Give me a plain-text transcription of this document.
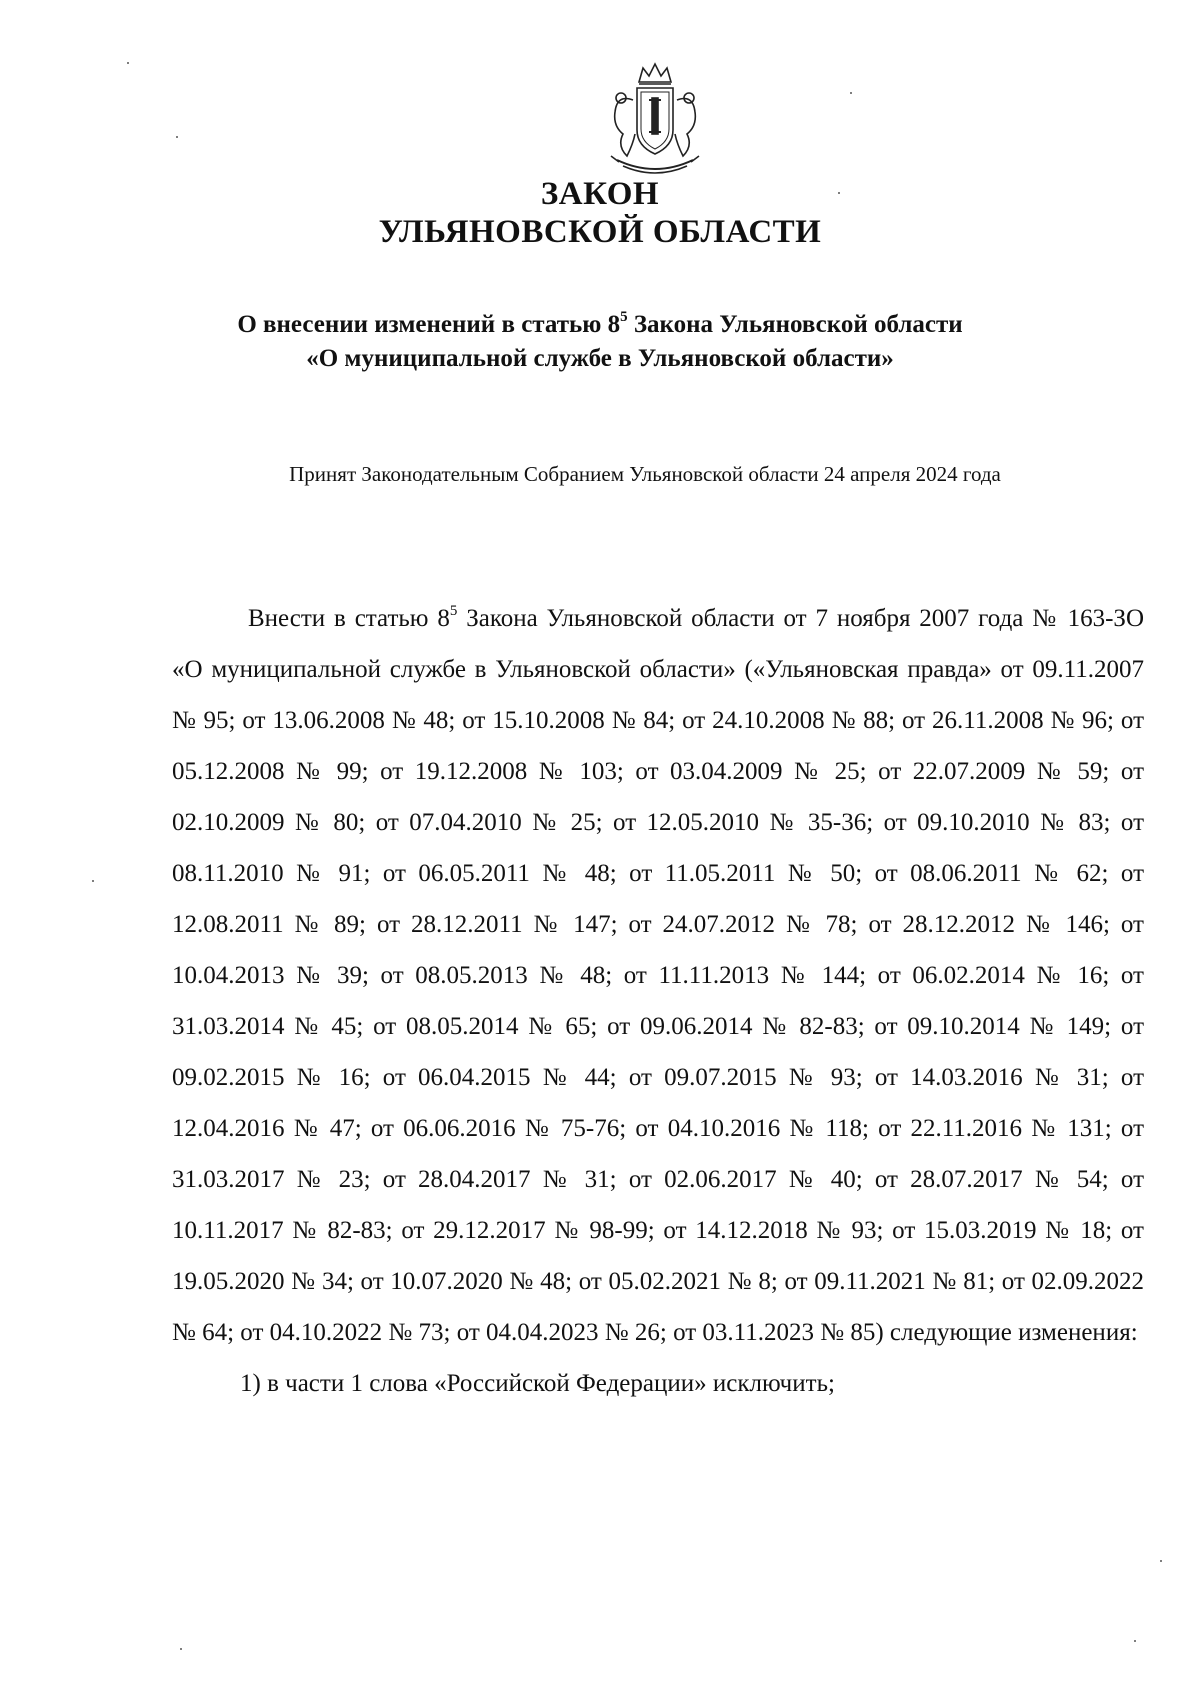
ЗАКОН
УЛЬЯНОВСКОЙ ОБЛАСТИ
О внесении изменений в статью $8^5$ Закона Ульяновской области
«О муниципальной службе в Ульяновской области»
Принят Законодательным Собранием Ульяновской области 24 апреля 2024 года

Внести в статью $8^5$ Закона Ульяновской области от 7 ноября 2007 года № 163-ЗО «О муниципальной службе в Ульяновской области» («Ульяновская правда» от 09.11.2007 № 95; от 13.06.2008 № 48; от 15.10.2008 № 84; от 24.10.2008 № 88; от 26.11.2008 № 96; от 05.12.2008 № 99; от 19.12.2008 № 103; от 03.04.2009 № 25; от 22.07.2009 № 59; от 02.10.2009 № 80; от 07.04.2010 № 25; от 12.05.2010 № 35-36; от 09.10.2010 № 83; от 08.11.2010 № 91; от 06.05.2011 № 48; от 11.05.2011 № 50; от 08.06.2011 № 62; от 12.08.2011 № 89; от 28.12.2011 № 147; от 24.07.2012 № 78; от 28.12.2012 № 146; от 10.04.2013 № 39; от 08.05.2013 № 48; от 11.11.2013 № 144; от 06.02.2014 № 16; от 31.03.2014 № 45; от 08.05.2014 № 65; от 09.06.2014 № 82-83; от 09.10.2014 № 149; от 09.02.2015 № 16; от 06.04.2015 № 44; от 09.07.2015 № 93; от 14.03.2016 № 31; от 12.04.2016 № 47; от 06.06.2016 № 75-76; от 04.10.2016 № 118; от 22.11.2016 № 131; от 31.03.2017 № 23; от 28.04.2017 № 31; от 02.06.2017 № 40; от 28.07.2017 № 54; от 10.11.2017 № 82-83; от 29.12.2017 № 98-99; от 14.12.2018 № 93; от 15.03.2019 № 18; от 19.05.2020 № 34; от 10.07.2020 № 48; от 05.02.2021 № 8; от 09.11.2021 № 81; от 02.09.2022 № 64; от 04.10.2022 № 73; от 04.04.2023 № 26; от 03.11.2023 № 85) следующие изменения:

1) в части 1 слова «Российской Федерации» исключить;
